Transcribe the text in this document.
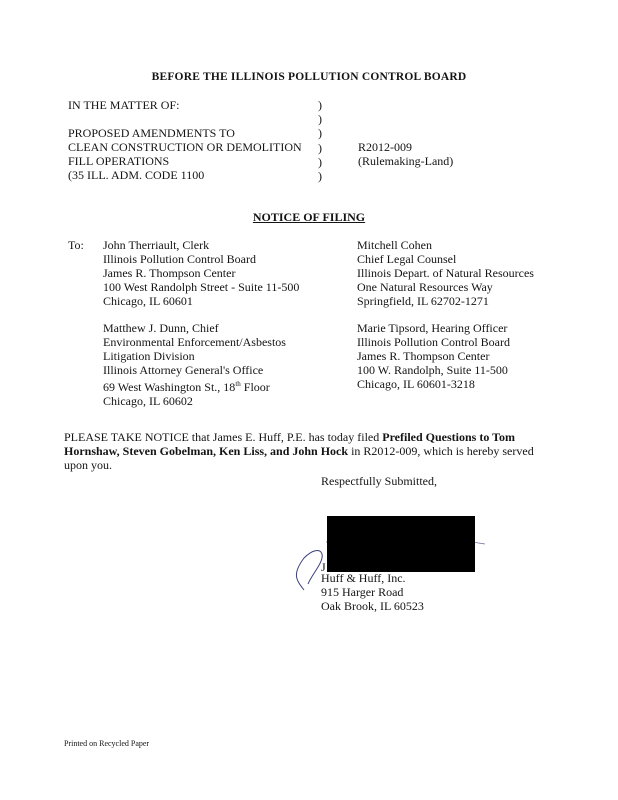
BEFORE THE ILLINOIS POLLUTION CONTROL BOARD
IN THE MATTER OF:
PROPOSED AMENDMENTS TO
CLEAN CONSTRUCTION OR DEMOLITION
FILL OPERATIONS
(35 ILL. ADM. CODE 1100
)
)
)
)
)
)
R2012-009
(Rulemaking-Land)
NOTICE OF FILING
To: John Therriault, Clerk
Illinois Pollution Control Board
James R. Thompson Center
100 West Randolph Street - Suite 11-500
Chicago, IL 60601
Mitchell Cohen
Chief Legal Counsel
Illinois Depart. of Natural Resources
One Natural Resources Way
Springfield, IL 62702-1271
Matthew J. Dunn, Chief
Environmental Enforcement/Asbestos
Litigation Division
Illinois Attorney General's Office
69 West Washington St., 18th Floor
Chicago, IL 60602
Marie Tipsord, Hearing Officer
Illinois Pollution Control Board
James R. Thompson Center
100 W. Randolph, Suite 11-500
Chicago, IL 60601-3218

PLEASE TAKE NOTICE that James E. Huff, P.E. has today filed Prefiled Questions to Tom Hornshaw, Steven Gobelman, Ken Liss, and John Hock in R2012-009, which is hereby served upon you.

Respectfully Submitted,
J
Huff & Huff, Inc.
915 Harger Road
Oak Brook, IL 60523
Printed on Recycled Paper
